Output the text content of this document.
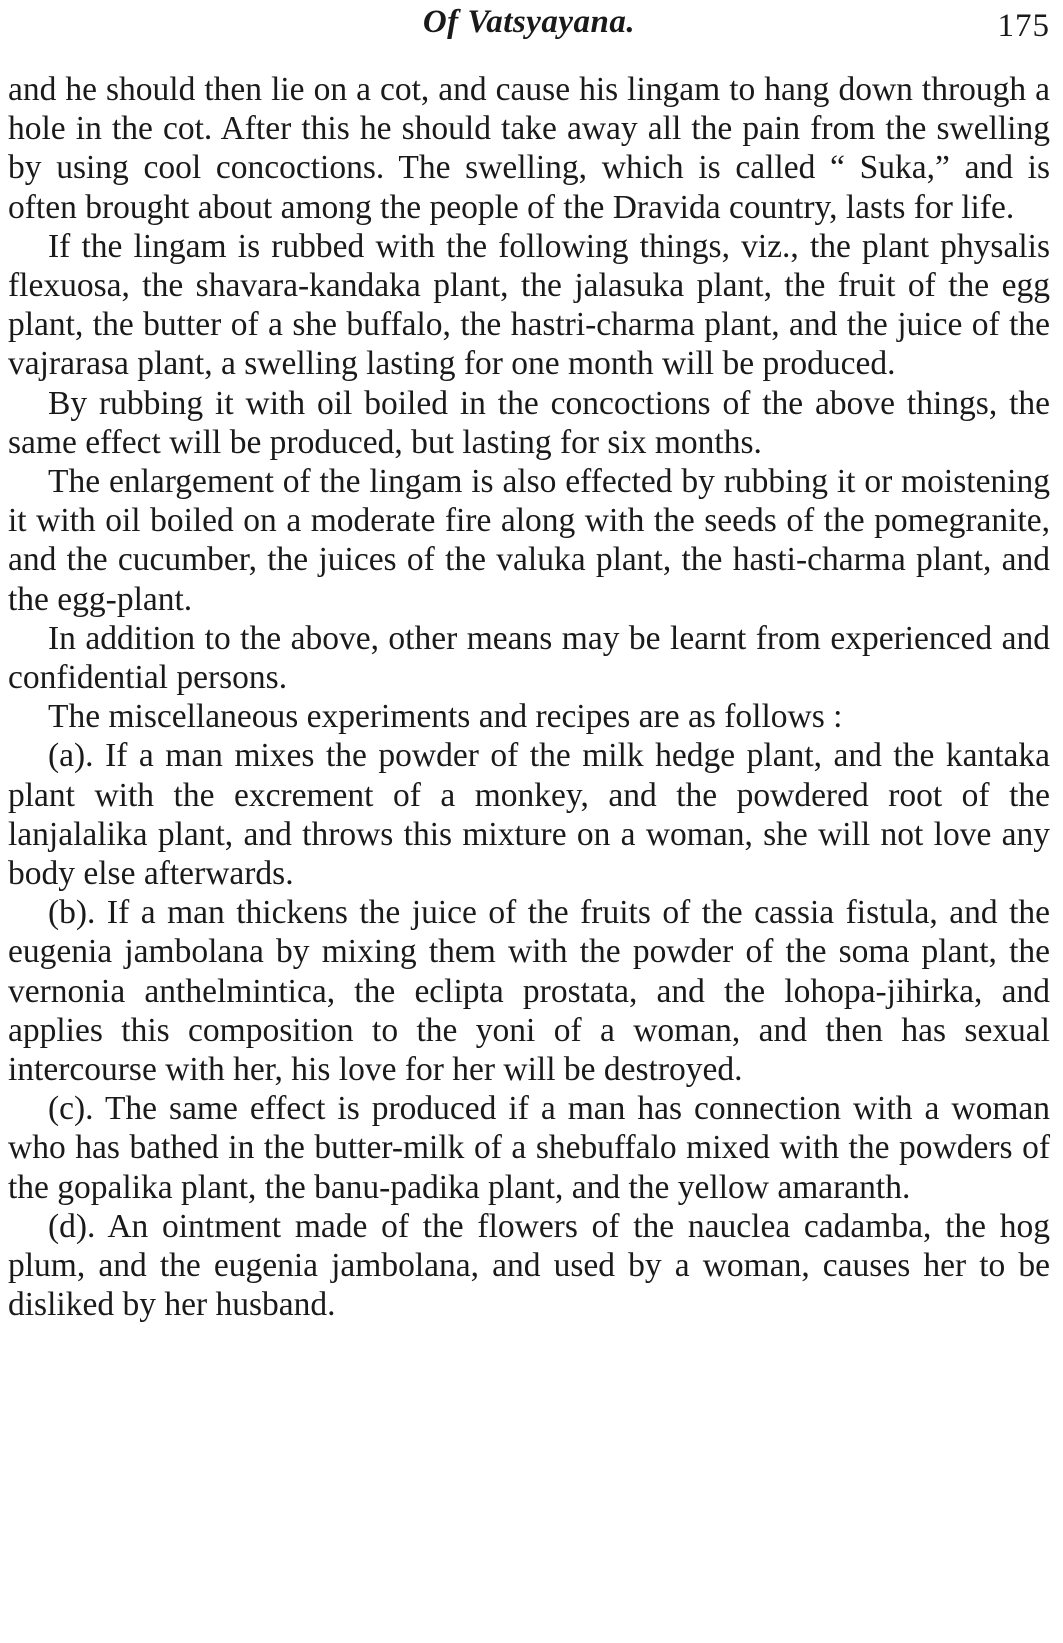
Of Vatsyayana.	175

and he should then lie on a cot, and cause his lingam to hang down through a hole in the cot. After this he should take away all the pain from the swelling by using cool concoctions. The swelling, which is called “ Suka,” and is often brought about among the people of the Dravida country, lasts for life.

If the lingam is rubbed with the following things, viz., the plant physalis flexuosa, the shavara-kandaka plant, the jalasuka plant, the fruit of the egg plant, the butter of a she buffalo, the hastri-charma plant, and the juice of the vajrarasa plant, a swelling lasting for one month will be produced.

By rubbing it with oil boiled in the concoctions of the above things, the same effect will be produced, but lasting for six months.

The enlargement of the lingam is also effected by rubbing it or moistening it with oil boiled on a moderate fire along with the seeds of the pomegranite, and the cucumber, the juices of the valuka plant, the hasti-charma plant, and the egg-plant.

In addition to the above, other means may be learnt from experienced and confidential persons.

The miscellaneous experiments and recipes are as follows :

(a). If a man mixes the powder of the milk hedge plant, and the kantaka plant with the excrement of a monkey, and the powdered root of the lanjalalika plant, and throws this mixture on a woman, she will not love any body else afterwards.

(b). If a man thickens the juice of the fruits of the cassia fistula, and the eugenia jambolana by mixing them with the powder of the soma plant, the vernonia anthelmintica, the eclipta prostata, and the lohopa-jihirka, and applies this composition to the yoni of a woman, and then has sexual intercourse with her, his love for her will be destroyed.

(c). The same effect is produced if a man has connection with a woman who has bathed in the butter-milk of a shebuffalo mixed with the powders of the gopalika plant, the banu-padika plant, and the yellow amaranth.

(d). An ointment made of the flowers of the nauclea cadamba, the hog plum, and the eugenia jambolana, and used by a woman, causes her to be disliked by her husband.
